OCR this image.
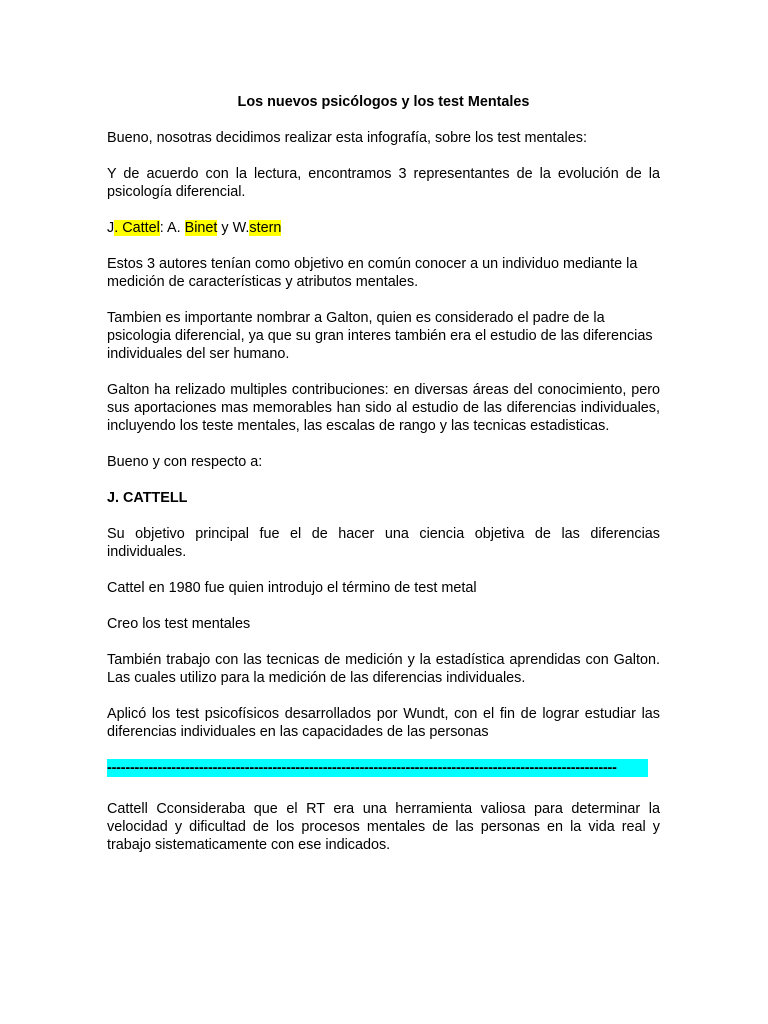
Los nuevos psicólogos y los test Mentales

Bueno, nosotras decidimos realizar esta infografía, sobre los test mentales:

Y de acuerdo con la lectura, encontramos 3 representantes de la evolución de la psicología diferencial.

J. Cattel: A. Binet y W.stern

Estos 3 autores tenían como objetivo en común conocer a un individuo mediante la medición de características y atributos mentales.

Tambien es importante nombrar a Galton, quien es considerado el padre de la psicologia diferencial, ya que su gran interes también era el estudio de las diferencias individuales del ser humano.

Galton ha relizado multiples contribuciones: en diversas áreas del conocimiento, pero sus aportaciones mas memorables han sido al estudio de las diferencias individuales, incluyendo los teste mentales, las escalas de rango y las tecnicas estadisticas.

Bueno y con respecto a:

J. CATTELL

Su objetivo principal fue el de hacer una ciencia objetiva de las diferencias individuales.

Cattel en 1980 fue quien introdujo el término de test metal

Creo los test mentales

También trabajo con las tecnicas de medición y la estadística aprendidas con Galton. Las cuales utilizo para la medición de las diferencias individuales.

Aplicó los test psicofísicos desarrollados por Wundt, con el fin de lograr estudiar las diferencias individuales en las capacidades de las personas

---------------------------------------------------------------------------------------------------------------

Cattell Cconsideraba que el RT era una herramienta valiosa para determinar la velocidad y dificultad de los procesos mentales de las personas en la vida real y trabajo sistematicamente con ese indicados.
